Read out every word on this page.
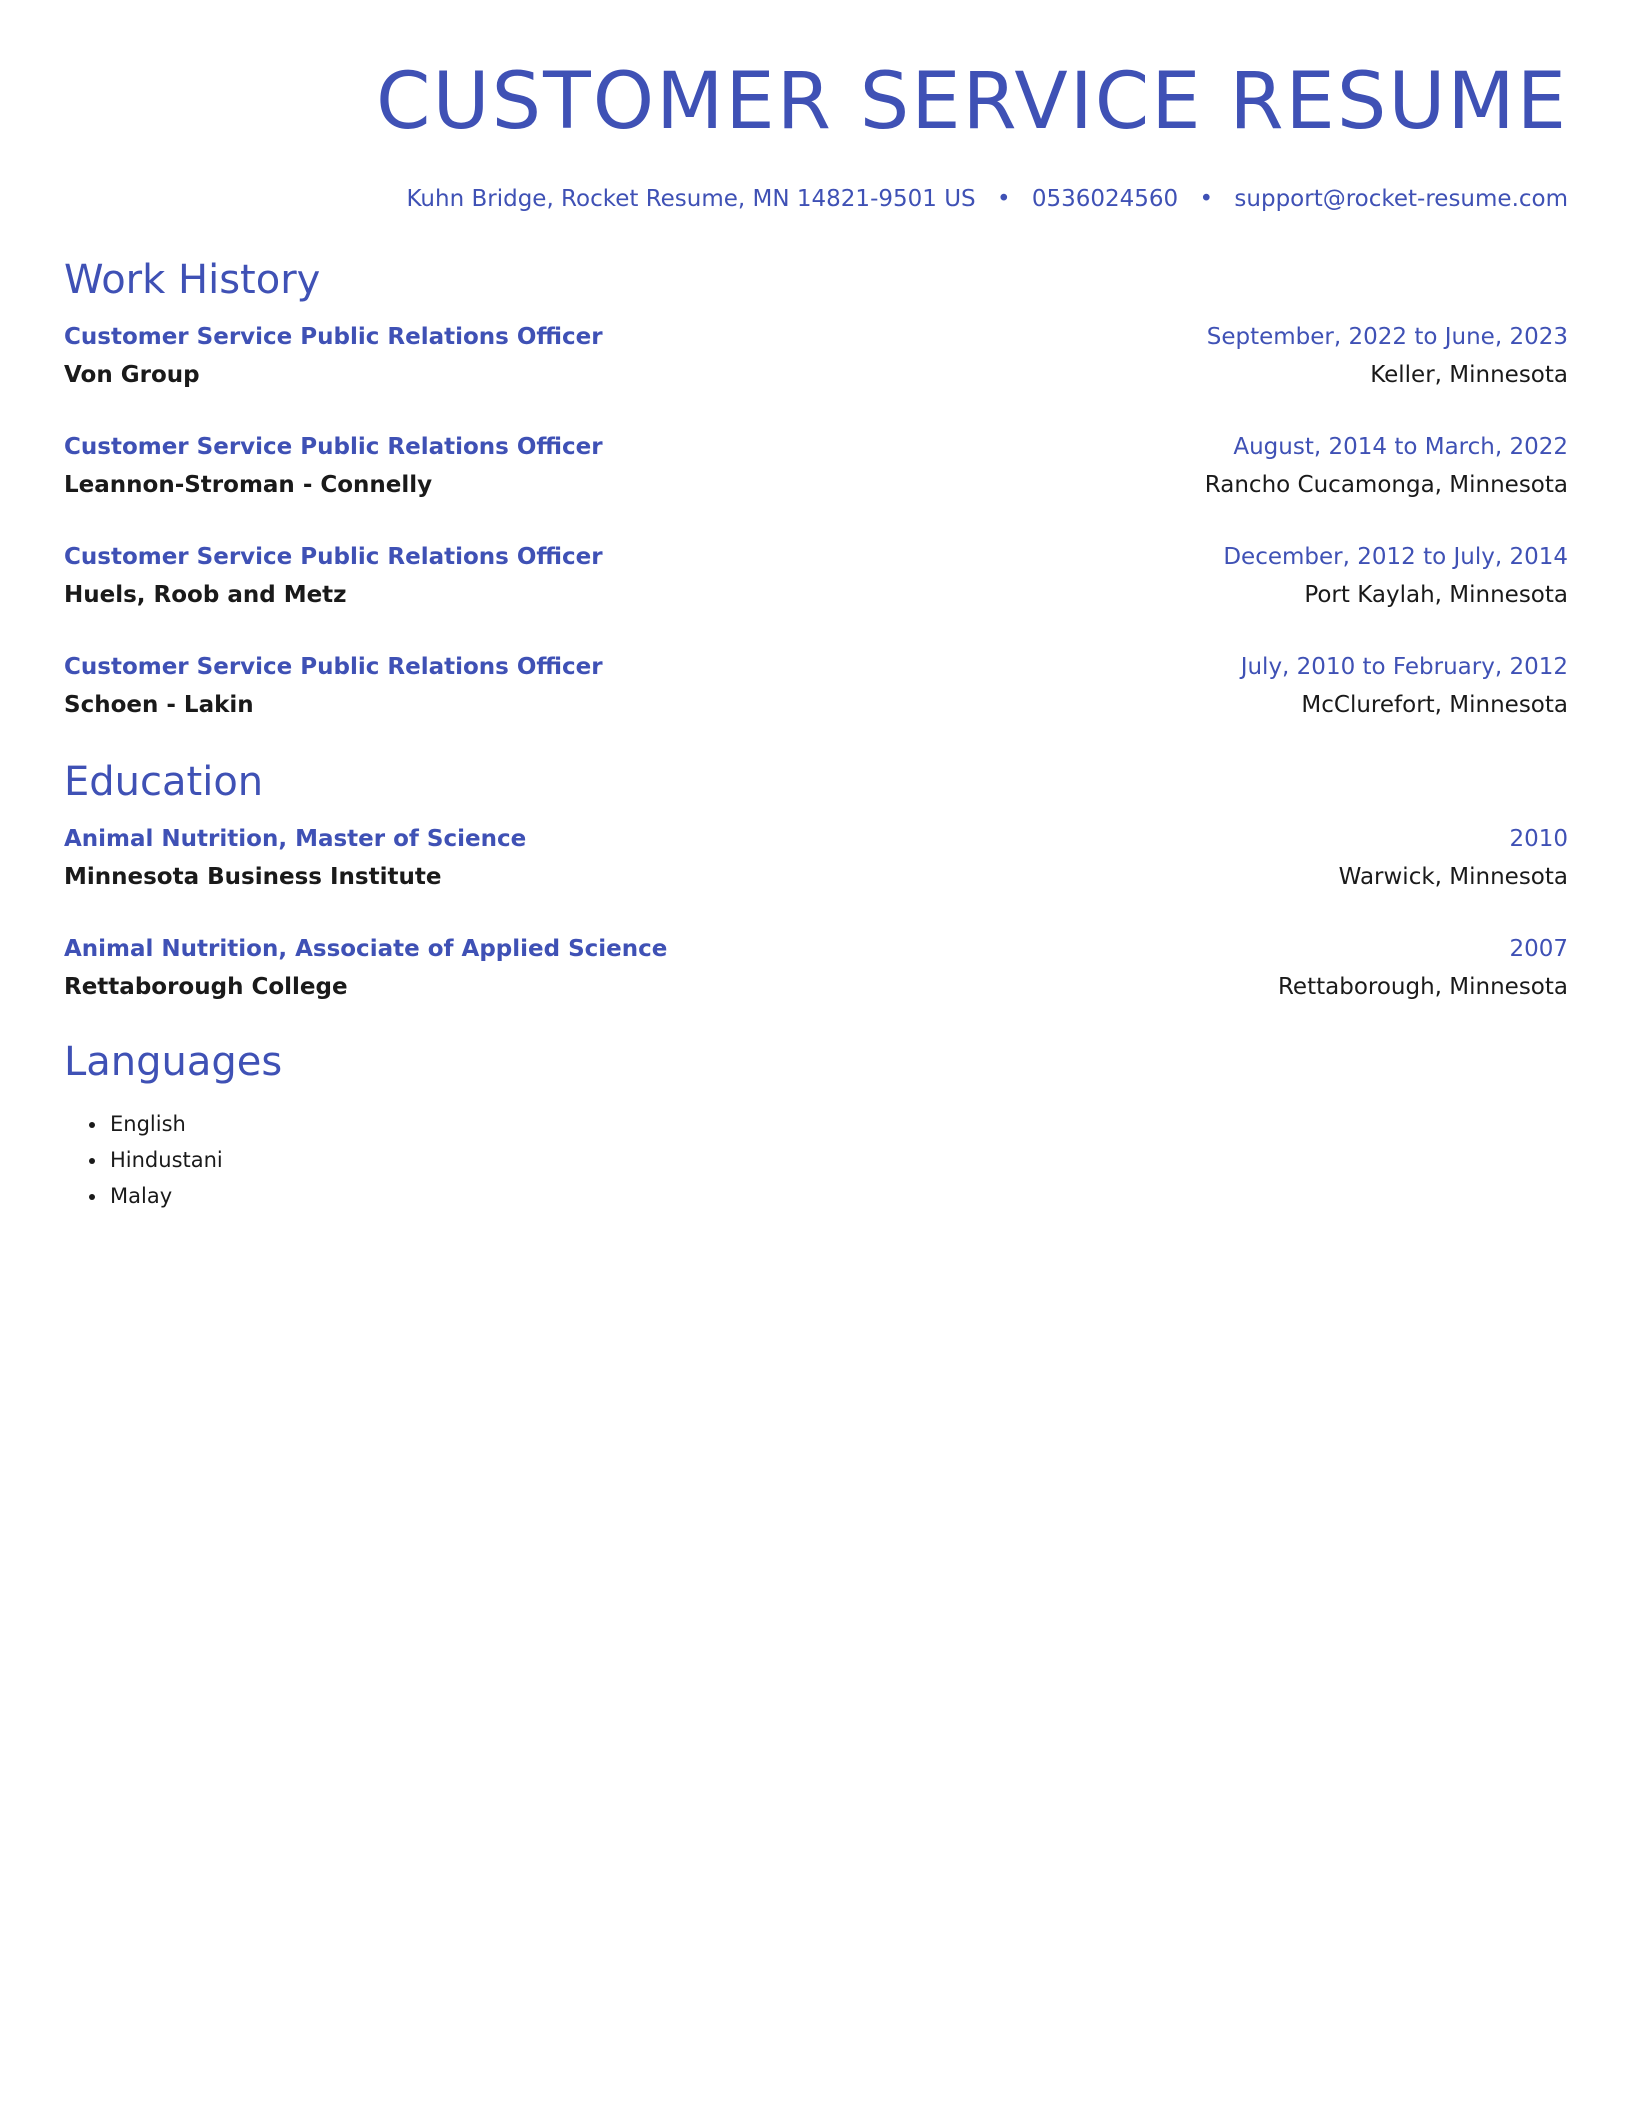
CUSTOMER SERVICE RESUME
Kuhn Bridge, Rocket Resume, MN 14821-9501 US • 0536024560 • support@rocket-resume.com
Work History
Customer Service Public Relations Officer
Von Group
September, 2022 to June, 2023
Keller, Minnesota
Customer Service Public Relations Officer
Leannon-Stroman - Connelly
August, 2014 to March, 2022
Rancho Cucamonga, Minnesota
Customer Service Public Relations Officer
Huels, Roob and Metz
December, 2012 to July, 2014
Port Kaylah, Minnesota
Customer Service Public Relations Officer
Schoen - Lakin
July, 2010 to February, 2012
McClurefort, Minnesota
Education
Animal Nutrition, Master of Science
Minnesota Business Institute
2010
Warwick, Minnesota
Animal Nutrition, Associate of Applied Science
Rettaborough College
2007
Rettaborough, Minnesota
Languages
• English
• Hindustani
• Malay
